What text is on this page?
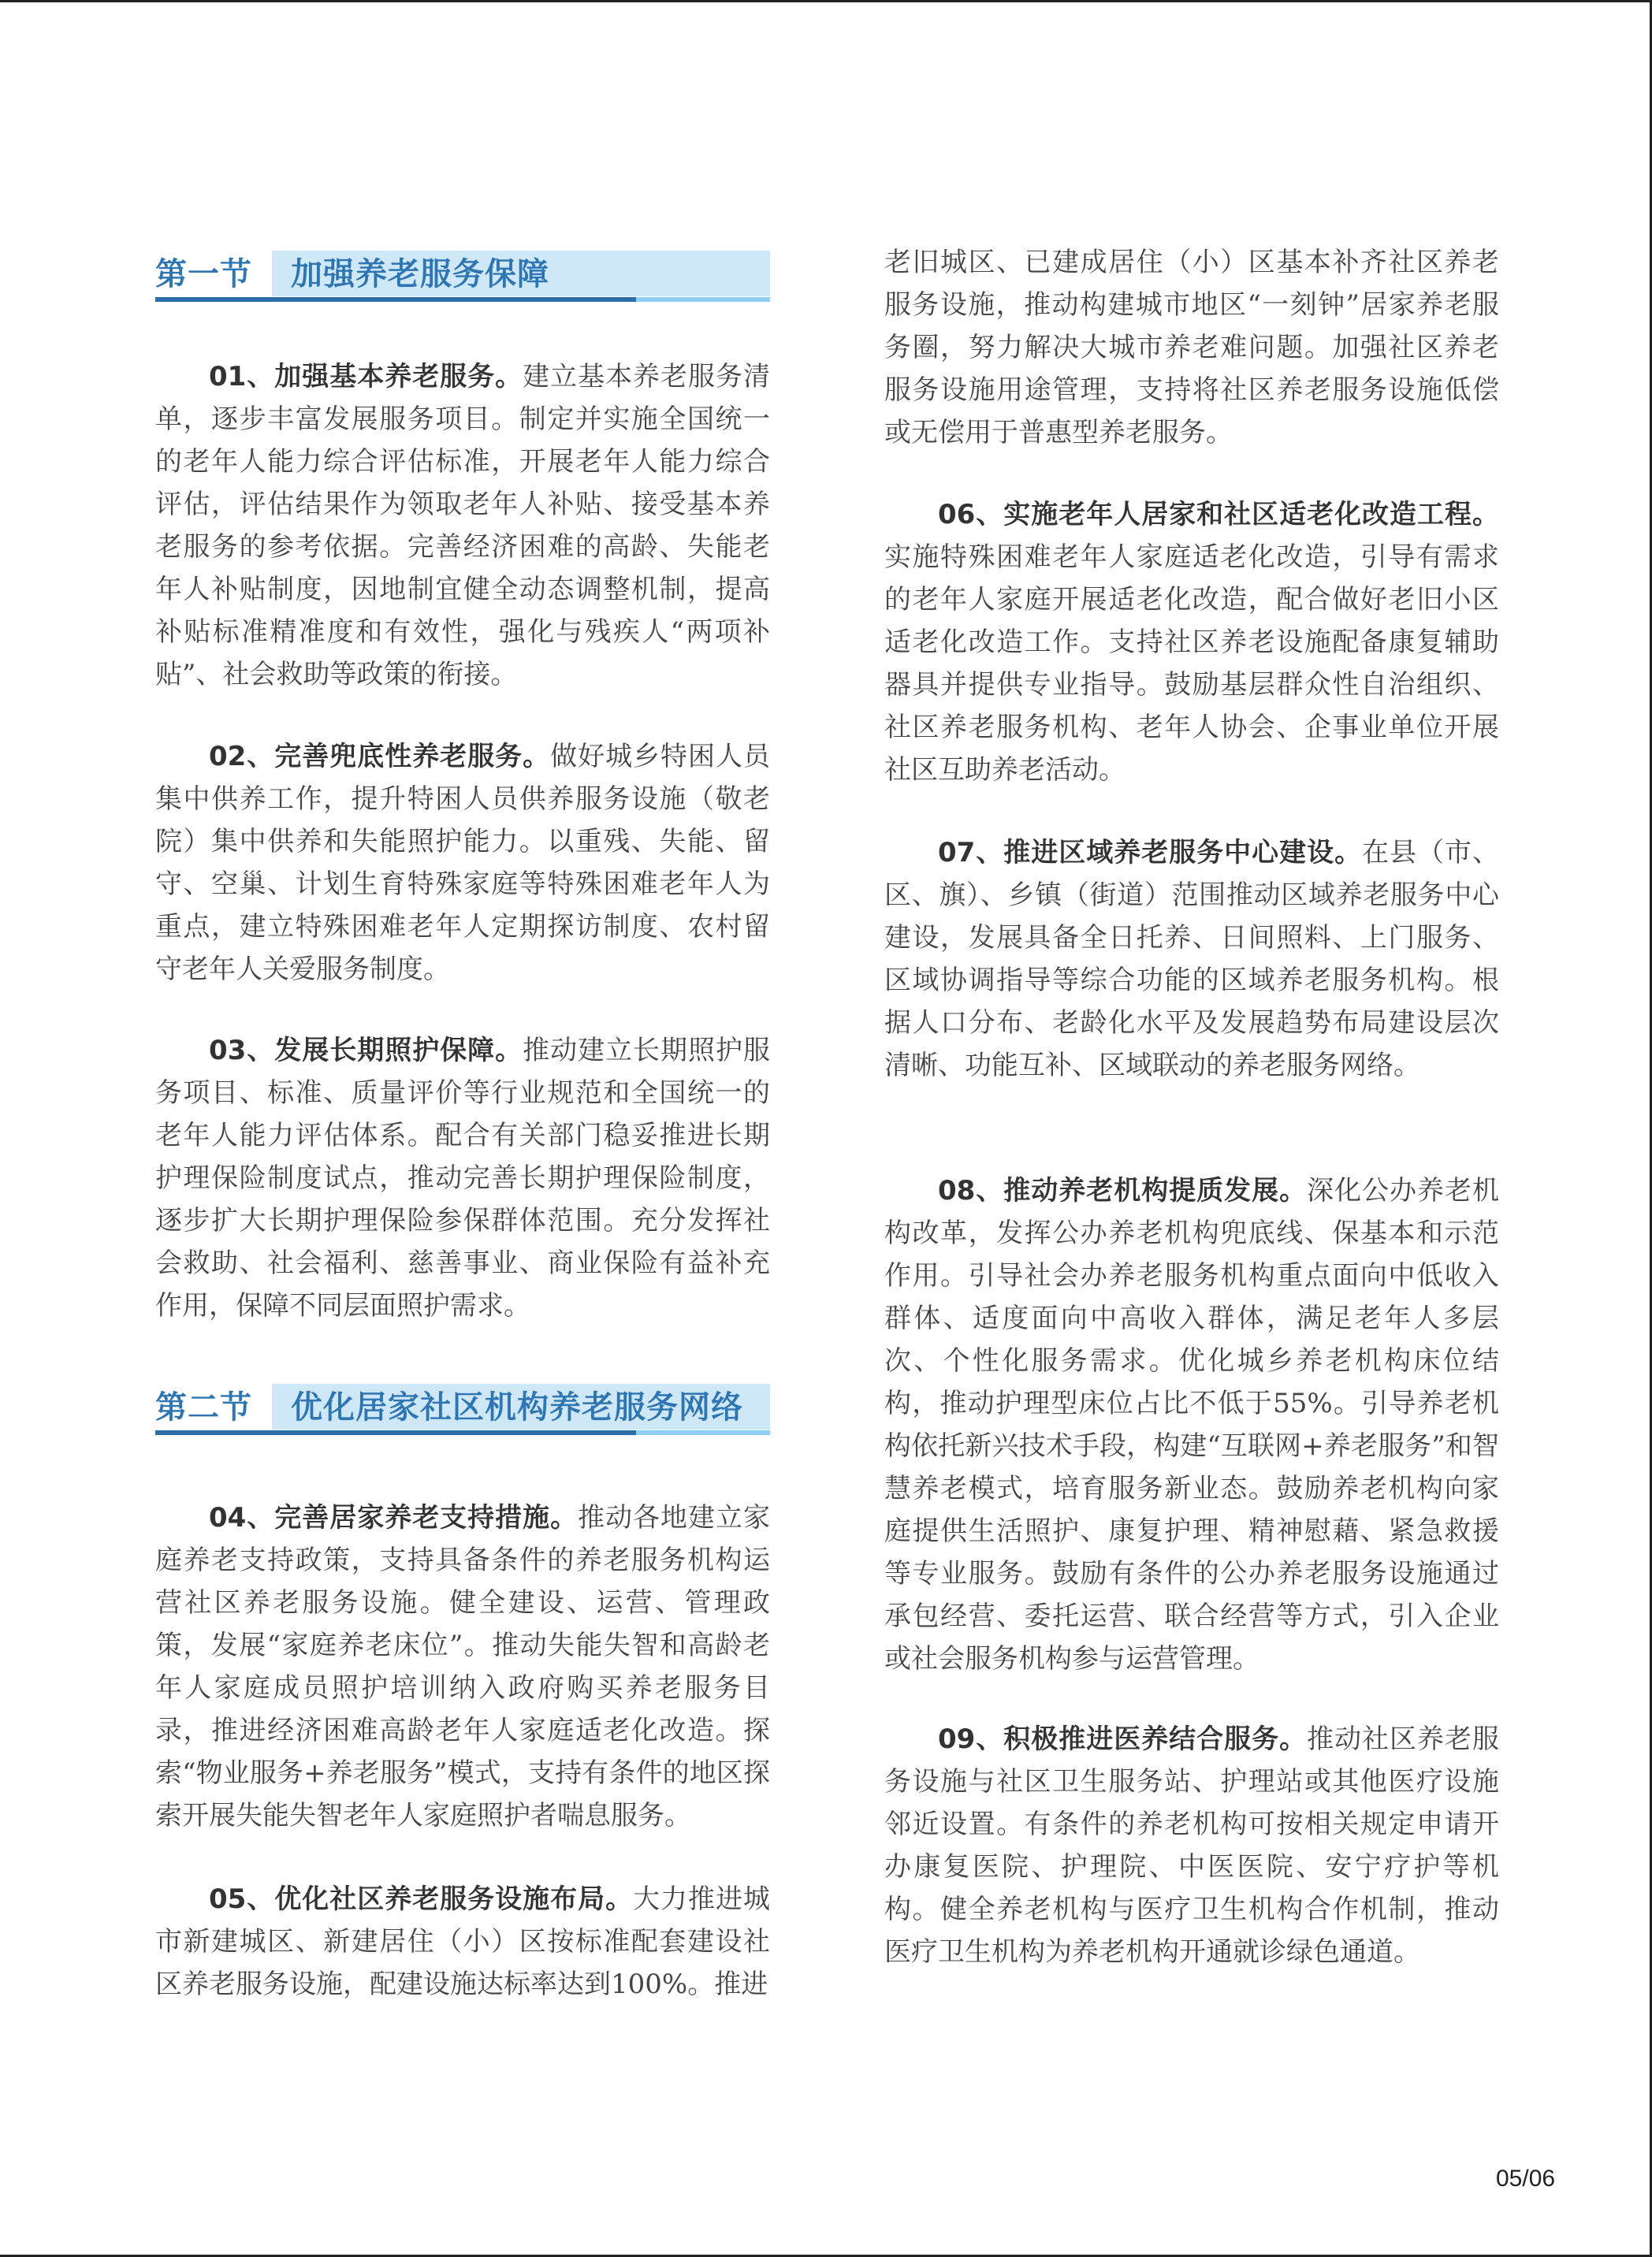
第一节 加强养老服务保障

01、加强基本养老服务。建立基本养老服务清单，逐步丰富发展服务项目。制定并实施全国统一的老年人能力综合评估标准，开展老年人能力综合评估，评估结果作为领取老年人补贴、接受基本养老服务的参考依据。完善经济困难的高龄、失能老年人补贴制度，因地制宜健全动态调整机制，提高补贴标准精准度和有效性，强化与残疾人“两项补贴”、社会救助等政策的衔接。

02、完善兜底性养老服务。做好城乡特困人员集中供养工作，提升特困人员供养服务设施（敬老院）集中供养和失能照护能力。以重残、失能、留守、空巢、计划生育特殊家庭等特殊困难老年人为重点，建立特殊困难老年人定期探访制度、农村留守老年人关爱服务制度。

03、发展长期照护保障。推动建立长期照护服务项目、标准、质量评价等行业规范和全国统一的老年人能力评估体系。配合有关部门稳妥推进长期护理保险制度试点，推动完善长期护理保险制度，逐步扩大长期护理保险参保群体范围。充分发挥社会救助、社会福利、慈善事业、商业保险有益补充作用，保障不同层面照护需求。

第二节 优化居家社区机构养老服务网络

04、完善居家养老支持措施。推动各地建立家庭养老支持政策，支持具备条件的养老服务机构运营社区养老服务设施。健全建设、运营、管理政策，发展“家庭养老床位”。推动失能失智和高龄老年人家庭成员照护培训纳入政府购买养老服务目录，推进经济困难高龄老年人家庭适老化改造。探索“物业服务+养老服务”模式，支持有条件的地区探索开展失能失智老年人家庭照护者喘息服务。

05、优化社区养老服务设施布局。大力推进城市新建城区、新建居住（小）区按标准配套建设社区养老服务设施，配建设施达标率达到100%。推进

老旧城区、已建成居住（小）区基本补齐社区养老服务设施，推动构建城市地区“一刻钟”居家养老服务圈，努力解决大城市养老难问题。加强社区养老服务设施用途管理，支持将社区养老服务设施低偿或无偿用于普惠型养老服务。

06、实施老年人居家和社区适老化改造工程。实施特殊困难老年人家庭适老化改造，引导有需求的老年人家庭开展适老化改造，配合做好老旧小区适老化改造工作。支持社区养老设施配备康复辅助器具并提供专业指导。鼓励基层群众性自治组织、社区养老服务机构、老年人协会、企事业单位开展社区互助养老活动。

07、推进区域养老服务中心建设。在县（市、区、旗）、乡镇（街道）范围推动区域养老服务中心建设，发展具备全日托养、日间照料、上门服务、区域协调指导等综合功能的区域养老服务机构。根据人口分布、老龄化水平及发展趋势布局建设层次清晰、功能互补、区域联动的养老服务网络。

08、推动养老机构提质发展。深化公办养老机构改革，发挥公办养老机构兜底线、保基本和示范作用。引导社会办养老服务机构重点面向中低收入群体、适度面向中高收入群体，满足老年人多层次、个性化服务需求。优化城乡养老机构床位结构，推动护理型床位占比不低于55%。引导养老机构依托新兴技术手段，构建“互联网+养老服务”和智慧养老模式，培育服务新业态。鼓励养老机构向家庭提供生活照护、康复护理、精神慰藉、紧急救援等专业服务。鼓励有条件的公办养老服务设施通过承包经营、委托运营、联合经营等方式，引入企业或社会服务机构参与运营管理。

09、积极推进医养结合服务。推动社区养老服务设施与社区卫生服务站、护理站或其他医疗设施邻近设置。有条件的养老机构可按相关规定申请开办康复医院、护理院、中医医院、安宁疗护等机构。健全养老机构与医疗卫生机构合作机制，推动医疗卫生机构为养老机构开通就诊绿色通道。

05/06
